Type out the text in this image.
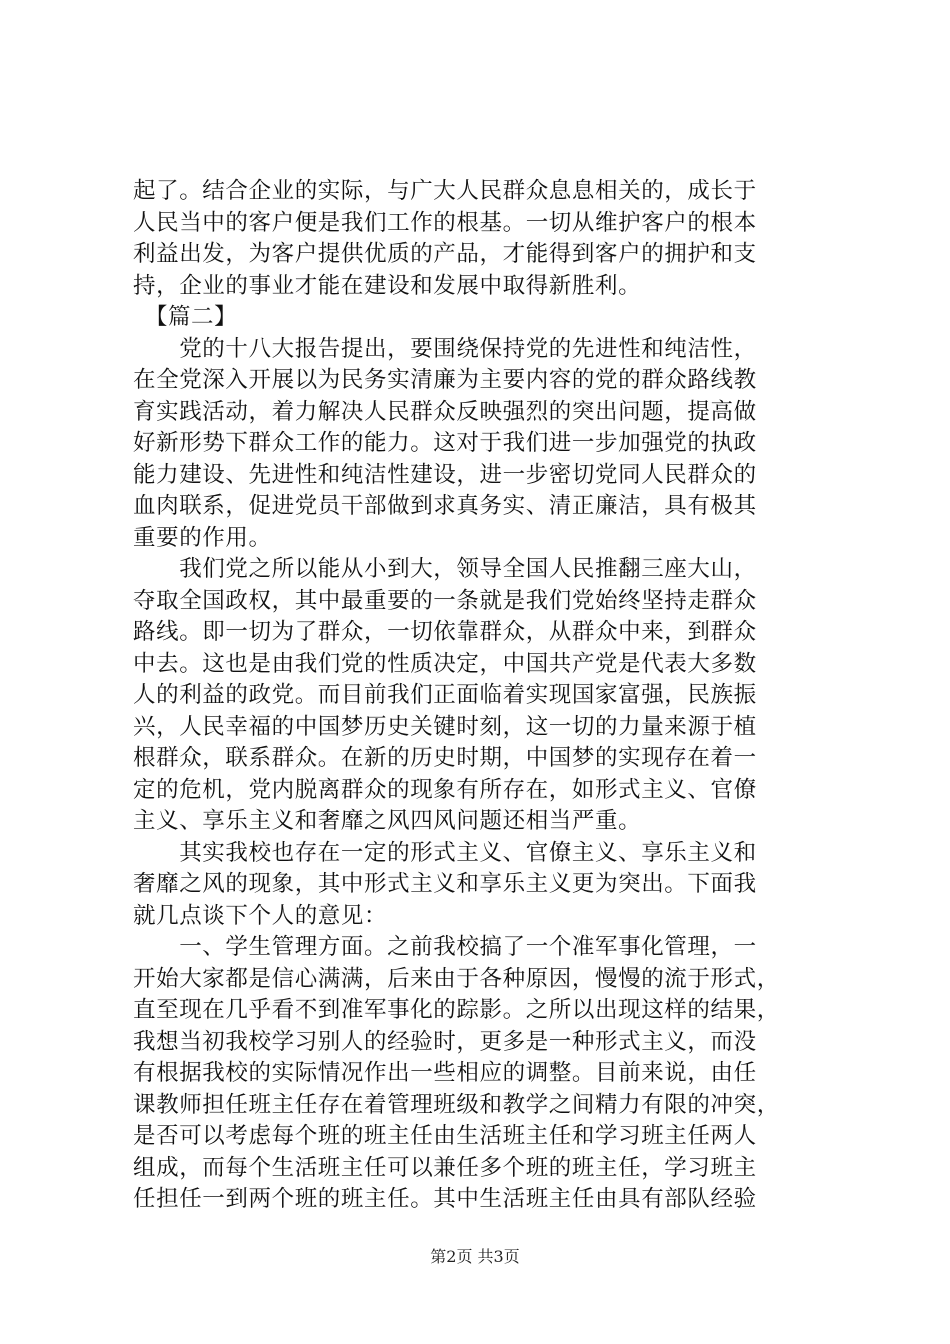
起了。结合企业的实际，与广大人民群众息息相关的，成长于
人民当中的客户便是我们工作的根基。一切从维护客户的根本
利益出发，为客户提供优质的产品，才能得到客户的拥护和支
持，企业的事业才能在建设和发展中取得新胜利。
　【篇二】
　　党的十八大报告提出，要围绕保持党的先进性和纯洁性，
在全党深入开展以为民务实清廉为主要内容的党的群众路线教
育实践活动，着力解决人民群众反映强烈的突出问题，提高做
好新形势下群众工作的能力。这对于我们进一步加强党的执政
能力建设、先进性和纯洁性建设，进一步密切党同人民群众的
血肉联系，促进党员干部做到求真务实、清正廉洁，具有极其
重要的作用。
　　我们党之所以能从小到大，领导全国人民推翻三座大山，
夺取全国政权，其中最重要的一条就是我们党始终坚持走群众
路线。即一切为了群众，一切依靠群众，从群众中来，到群众
中去。这也是由我们党的性质决定，中国共产党是代表大多数
人的利益的政党。而目前我们正面临着实现国家富强，民族振
兴，人民幸福的中国梦历史关键时刻，这一切的力量来源于植
根群众，联系群众。在新的历史时期，中国梦的实现存在着一
定的危机，党内脱离群众的现象有所存在，如形式主义、官僚
主义、享乐主义和奢靡之风四风问题还相当严重。
　　其实我校也存在一定的形式主义、官僚主义、享乐主义和
奢靡之风的现象，其中形式主义和享乐主义更为突出。下面我
就几点谈下个人的意见：
　　一、学生管理方面。之前我校搞了一个准军事化管理，一
开始大家都是信心满满，后来由于各种原因，慢慢的流于形式，
直至现在几乎看不到准军事化的踪影。之所以出现这样的结果，
我想当初我校学习别人的经验时，更多是一种形式主义，而没
有根据我校的实际情况作出一些相应的调整。目前来说，由任
课教师担任班主任存在着管理班级和教学之间精力有限的冲突，
是否可以考虑每个班的班主任由生活班主任和学习班主任两人
组成，而每个生活班主任可以兼任多个班的班主任，学习班主
任担任一到两个班的班主任。其中生活班主任由具有部队经验
第2页 共3页
